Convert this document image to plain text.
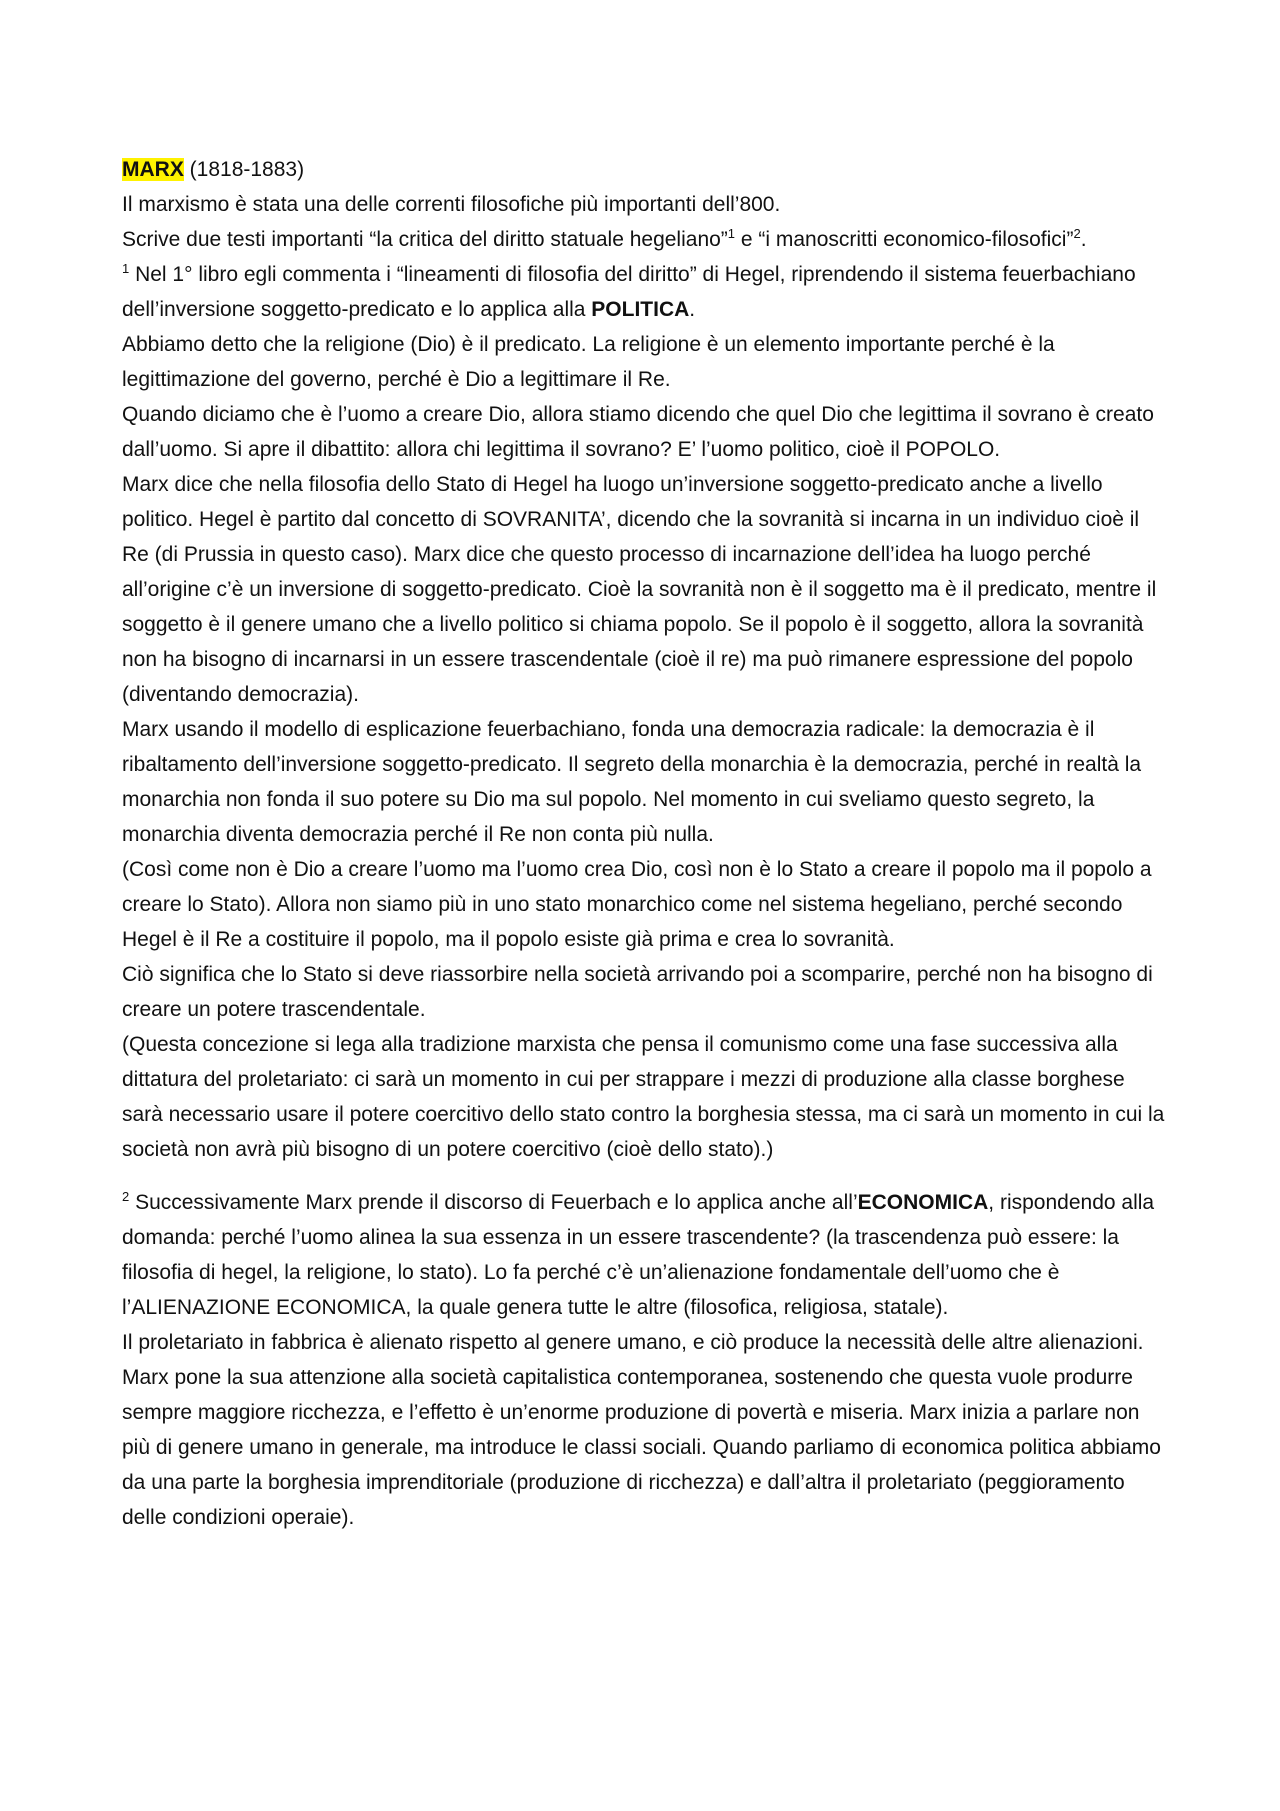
MARX (1818-1883)

Il marxismo è stata una delle correnti filosofiche più importanti dell’800.

Scrive due testi importanti “la critica del diritto statuale hegeliano”$^1$ e “i manoscritti economico-filosofici”$^2$.

$^1$ Nel 1° libro egli commenta i “lineamenti di filosofia del diritto” di Hegel, riprendendo il sistema feuerbachiano dell’inversione soggetto-predicato e lo applica alla POLITICA.

Abbiamo detto che la religione (Dio) è il predicato. La religione è un elemento importante perché è la legittimazione del governo, perché è Dio a legittimare il Re.

Quando diciamo che è l’uomo a creare Dio, allora stiamo dicendo che quel Dio che legittima il sovrano è creato dall’uomo. Si apre il dibattito: allora chi legittima il sovrano? E’ l’uomo politico, cioè il POPOLO.

Marx dice che nella filosofia dello Stato di Hegel ha luogo un’inversione soggetto-predicato anche a livello politico. Hegel è partito dal concetto di SOVRANITA’, dicendo che la sovranità si incarna in un individuo cioè il Re (di Prussia in questo caso). Marx dice che questo processo di incarnazione dell’idea ha luogo perché all’origine c’è un inversione di soggetto-predicato. Cioè la sovranità non è il soggetto ma è il predicato, mentre il soggetto è il genere umano che a livello politico si chiama popolo. Se il popolo è il soggetto, allora la sovranità non ha bisogno di incarnarsi in un essere trascendentale (cioè il re) ma può rimanere espressione del popolo (diventando democrazia).

Marx usando il modello di esplicazione feuerbachiano, fonda una democrazia radicale: la democrazia è il ribaltamento dell’inversione soggetto-predicato. Il segreto della monarchia è la democrazia, perché in realtà la monarchia non fonda il suo potere su Dio ma sul popolo. Nel momento in cui sveliamo questo segreto, la monarchia diventa democrazia perché il Re non conta più nulla.

(Così come non è Dio a creare l’uomo ma l’uomo crea Dio, così non è lo Stato a creare il popolo ma il popolo a creare lo Stato). Allora non siamo più in uno stato monarchico come nel sistema hegeliano, perché secondo Hegel è il Re a costituire il popolo, ma il popolo esiste già prima e crea lo sovranità.

Ciò significa che lo Stato si deve riassorbire nella società arrivando poi a scomparire, perché non ha bisogno di creare un potere trascendentale.

(Questa concezione si lega alla tradizione marxista che pensa il comunismo come una fase successiva alla dittatura del proletariato: ci sarà un momento in cui per strappare i mezzi di produzione alla classe borghese sarà necessario usare il potere coercitivo dello stato contro la borghesia stessa, ma ci sarà un momento in cui la società non avrà più bisogno di un potere coercitivo (cioè dello stato).)

$^2$ Successivamente Marx prende il discorso di Feuerbach e lo applica anche all’ECONOMICA, rispondendo alla domanda: perché l’uomo alinea la sua essenza in un essere trascendente? (la trascendenza può essere: la filosofia di hegel, la religione, lo stato). Lo fa perché c’è un’alienazione fondamentale dell’uomo che è l’ALIENAZIONE ECONOMICA, la quale genera tutte le altre (filosofica, religiosa, statale).

Il proletariato in fabbrica è alienato rispetto al genere umano, e ciò produce la necessità delle altre alienazioni.

Marx pone la sua attenzione alla società capitalistica contemporanea, sostenendo che questa vuole produrre sempre maggiore ricchezza, e l’effetto è un’enorme produzione di povertà e miseria. Marx inizia a parlare non più di genere umano in generale, ma introduce le classi sociali. Quando parliamo di economica politica abbiamo da una parte la borghesia imprenditoriale (produzione di ricchezza) e dall’altra il proletariato (peggioramento delle condizioni operaie).
